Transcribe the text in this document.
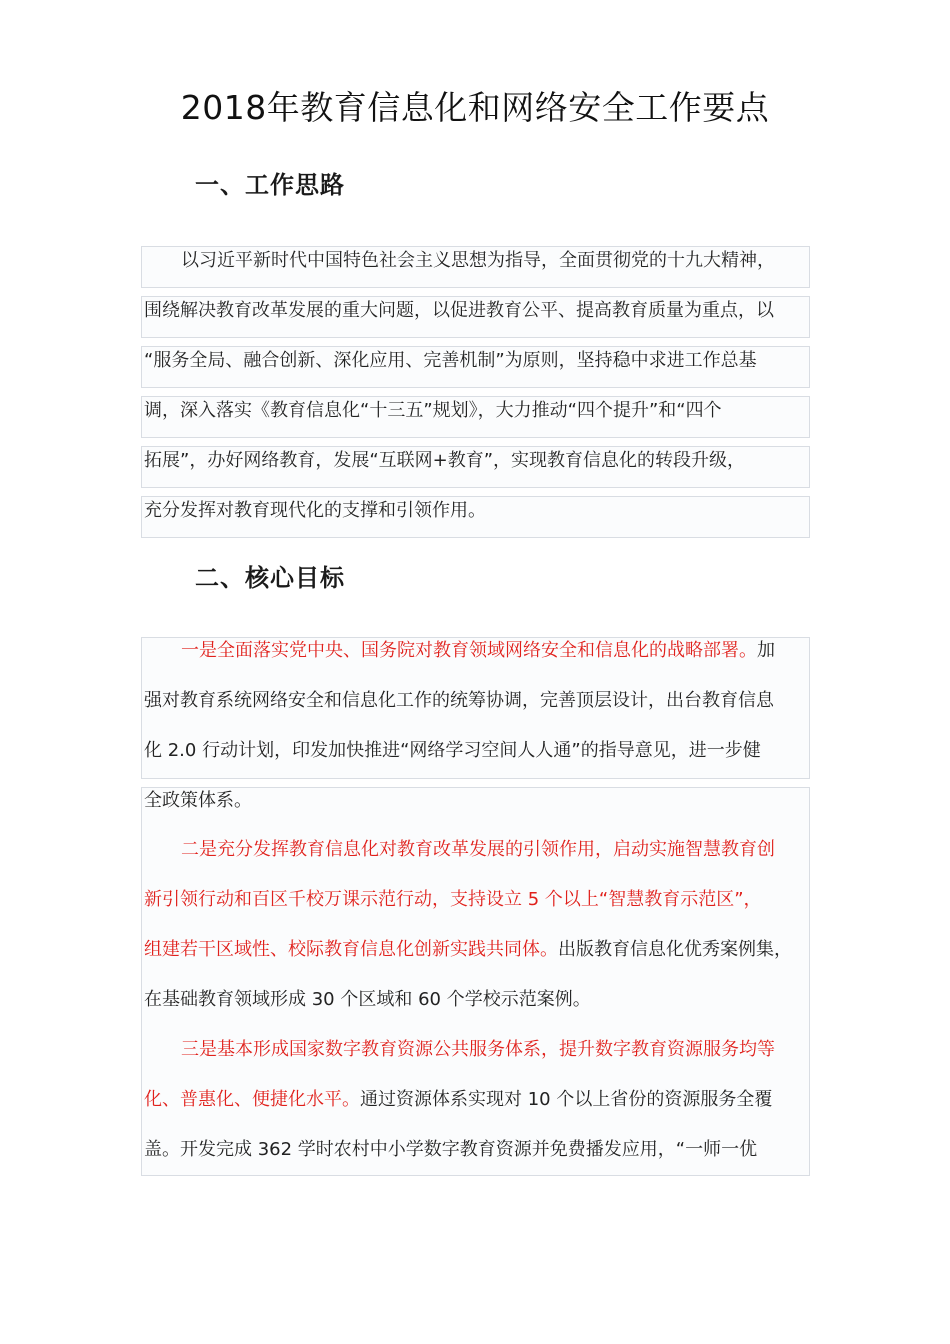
2018年教育信息化和网络安全工作要点
一、工作思路
以习近平新时代中国特色社会主义思想为指导，全面贯彻党的十九大精神，
围绕解决教育改革发展的重大问题，以促进教育公平、提高教育质量为重点，以
“服务全局、融合创新、深化应用、完善机制”为原则，坚持稳中求进工作总基
调，深入落实《教育信息化“十三五”规划》，大力推动“四个提升”和“四个
拓展”，办好网络教育，发展“互联网+教育”，实现教育信息化的转段升级，
充分发挥对教育现代化的支撑和引领作用。
二、核心目标
一是全面落实党中央、国务院对教育领域网络安全和信息化的战略部署。加
强对教育系统网络安全和信息化工作的统筹协调，完善顶层设计，出台教育信息
化 2.0 行动计划，印发加快推进“网络学习空间人人通”的指导意见，进一步健
全政策体系。
二是充分发挥教育信息化对教育改革发展的引领作用，启动实施智慧教育创
新引领行动和百区千校万课示范行动，支持设立 5 个以上“智慧教育示范区”，
组建若干区域性、校际教育信息化创新实践共同体。出版教育信息化优秀案例集，
在基础教育领域形成 30 个区域和 60 个学校示范案例。
三是基本形成国家数字教育资源公共服务体系，提升数字教育资源服务均等
化、普惠化、便捷化水平。通过资源体系实现对 10 个以上省份的资源服务全覆
盖。开发完成 362 学时农村中小学数字教育资源并免费播发应用，“一师一优
